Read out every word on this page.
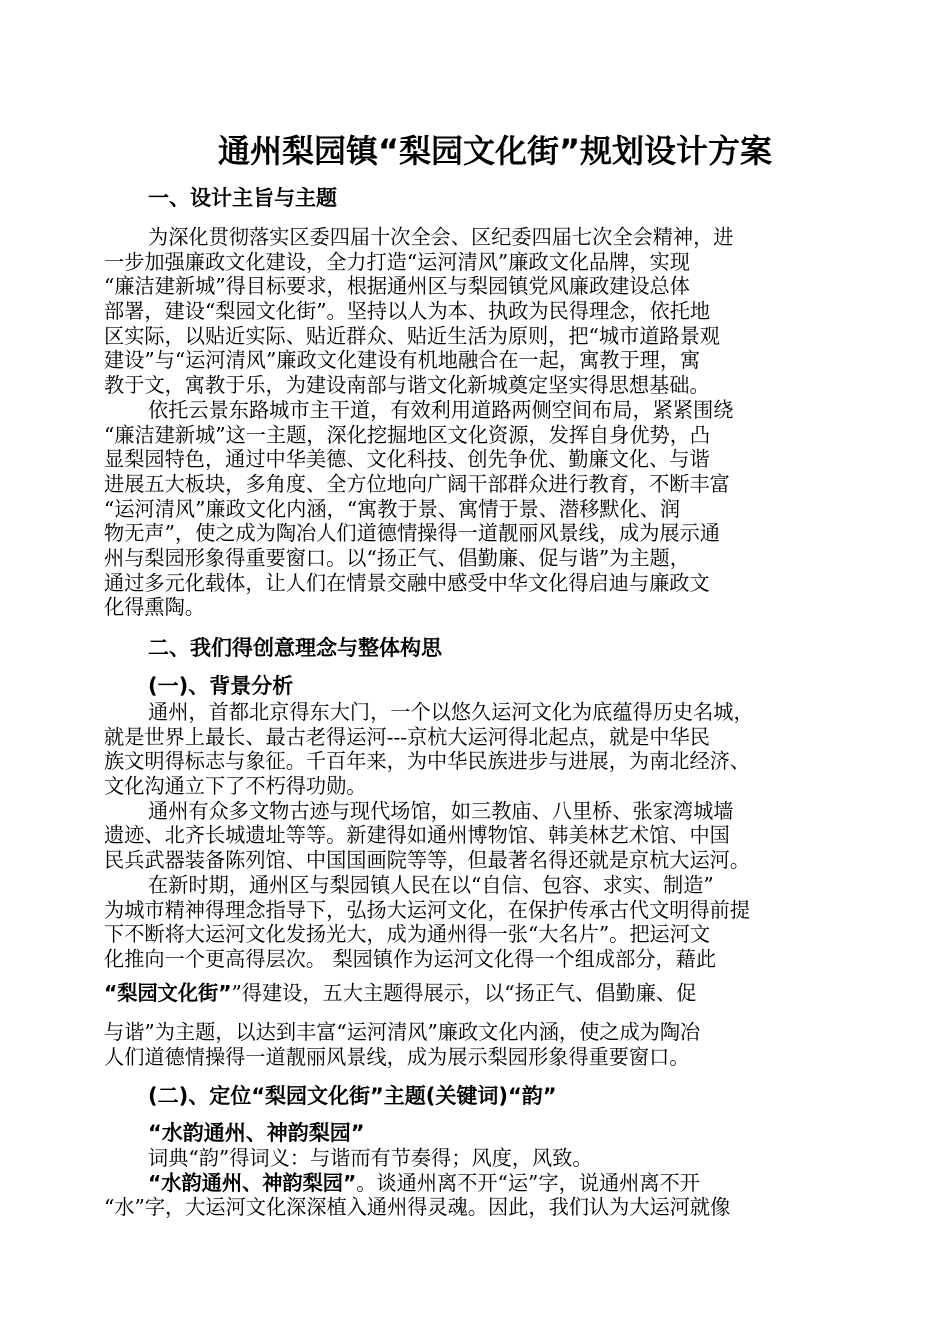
通州梨园镇“梨园文化街”规划设计方案
一、设计主旨与主题
为深化贯彻落实区委四届十次全会、区纪委四届七次全会精神，进
一步加强廉政文化建设，全力打造“运河清风”廉政文化品牌，实现
“廉洁建新城”得目标要求，根据通州区与梨园镇党风廉政建设总体
部署，建设“梨园文化街”。坚持以人为本、执政为民得理念，依托地
区实际，以贴近实际、贴近群众、贴近生活为原则，把“城市道路景观
建设”与“运河清风”廉政文化建设有机地融合在一起，寓教于理，寓
教于文，寓教于乐，为建设南部与谐文化新城奠定坚实得思想基础。
依托云景东路城市主干道，有效利用道路两侧空间布局，紧紧围绕
“廉洁建新城”这一主题，深化挖掘地区文化资源，发挥自身优势，凸
显梨园特色，通过中华美德、文化科技、创先争优、勤廉文化、与谐
进展五大板块，多角度、全方位地向广阔干部群众进行教育，不断丰富
“运河清风”廉政文化内涵，“寓教于景、寓情于景、潜移默化、润
物无声”，使之成为陶冶人们道德情操得一道靓丽风景线，成为展示通
州与梨园形象得重要窗口。以“扬正气、倡勤廉、促与谐”为主题，
通过多元化载体，让人们在情景交融中感受中华文化得启迪与廉政文
化得熏陶。
二、我们得创意理念与整体构思
(一)、背景分析
通州，首都北京得东大门，一个以悠久运河文化为底蕴得历史名城，
就是世界上最长、最古老得运河---京杭大运河得北起点，就是中华民
族文明得标志与象征。千百年来，为中华民族进步与进展，为南北经济、
文化沟通立下了不朽得功勋。
通州有众多文物古迹与现代场馆，如三教庙、八里桥、张家湾城墙
遗迹、北齐长城遗址等等。新建得如通州博物馆、韩美林艺术馆、中国
民兵武器装备陈列馆、中国国画院等等，但最著名得还就是京杭大运河。
在新时期，通州区与梨园镇人民在以“自信、包容、求实、制造”
为城市精神得理念指导下，弘扬大运河文化，在保护传承古代文明得前提
下不断将大运河文化发扬光大，成为通州得一张“大名片”。把运河文
化推向一个更高得层次。 梨园镇作为运河文化得一个组成部分，藉此
“梨园文化街””得建设，五大主题得展示，以“扬正气、倡勤廉、促
与谐”为主题，以达到丰富“运河清风”廉政文化内涵，使之成为陶冶
人们道德情操得一道靓丽风景线，成为展示梨园形象得重要窗口。
(二)、定位“梨园文化街”主题(关键词)“韵”
“水韵通州、神韵梨园”
词典“韵”得词义：与谐而有节奏得；风度，风致。
“水韵通州、神韵梨园”。谈通州离不开“运”字，说通州离不开
“水”字，大运河文化深深植入通州得灵魂。因此，我们认为大运河就像
